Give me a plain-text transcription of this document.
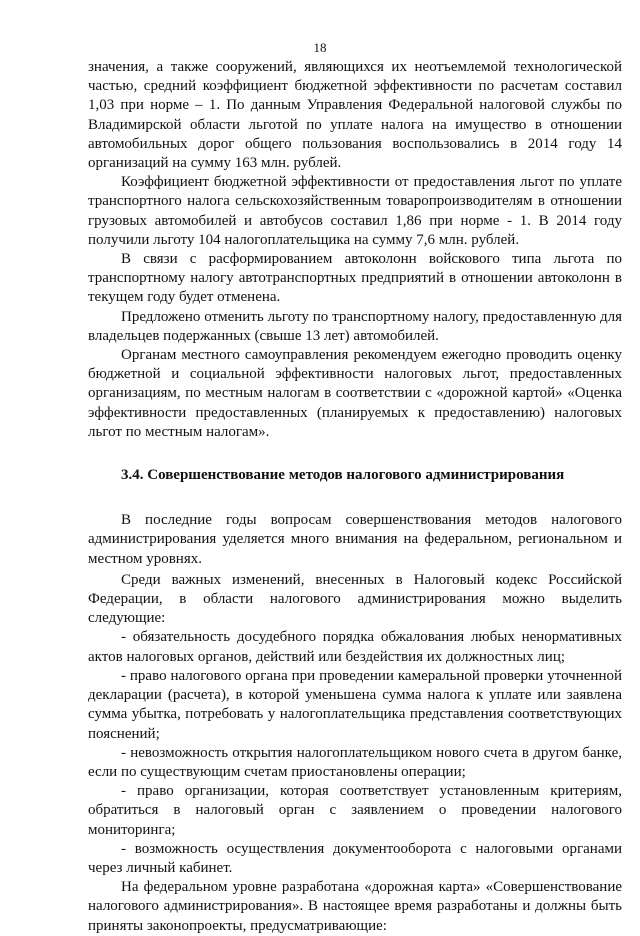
18

значения, а также сооружений, являющихся их неотъемлемой технологической частью, средний коэффициент бюджетной эффективности по расчетам составил 1,03 при норме – 1. По данным Управления Федеральной налоговой службы по Владимирской области льготой по уплате налога на имущество в отношении автомобильных дорог общего пользования воспользовались в 2014 году 14 организаций на сумму 163 млн. рублей.

Коэффициент бюджетной эффективности от предоставления льгот по уплате транспортного налога сельскохозяйственным товаропроизводителям в отношении грузовых автомобилей и автобусов составил 1,86 при норме - 1. В 2014 году получили льготу 104 налогоплательщика на сумму 7,6 млн. рублей.

В связи с расформированием автоколонн войскового типа льгота по транспортному налогу автотранспортных предприятий в отношении автоколонн в текущем году будет отменена.

Предложено отменить льготу по транспортному налогу, предоставленную для владельцев подержанных (свыше 13 лет) автомобилей.

Органам местного самоуправления рекомендуем ежегодно проводить оценку бюджетной и социальной эффективности налоговых льгот, предоставленных организациям, по местным налогам в соответствии с «дорожной картой» «Оценка эффективности предоставленных (планируемых к предоставлению) налоговых льгот по местным налогам».

3.4. Совершенствование методов налогового администрирования

В последние годы вопросам совершенствования методов налогового администрирования уделяется много внимания на федеральном, региональном и местном уровнях.

Среди важных изменений, внесенных в Налоговый кодекс Российской Федерации, в области налогового администрирования можно выделить следующие:

- обязательность досудебного порядка обжалования любых ненормативных актов налоговых органов, действий или бездействия их должностных лиц;

- право налогового органа при проведении камеральной проверки уточненной декларации (расчета), в которой уменьшена сумма налога к уплате или заявлена сумма убытка, потребовать у налогоплательщика представления соответствующих пояснений;

- невозможность открытия налогоплательщиком нового счета в другом банке, если по существующим счетам приостановлены операции;

- право организации, которая соответствует установленным критериям, обратиться в налоговый орган с заявлением о проведении налогового мониторинга;

- возможность осуществления документооборота с налоговыми органами через личный кабинет.

На федеральном уровне разработана «дорожная карта» «Совершенствование налогового администрирования». В настоящее время разработаны и должны быть приняты законопроекты, предусматривающие:
